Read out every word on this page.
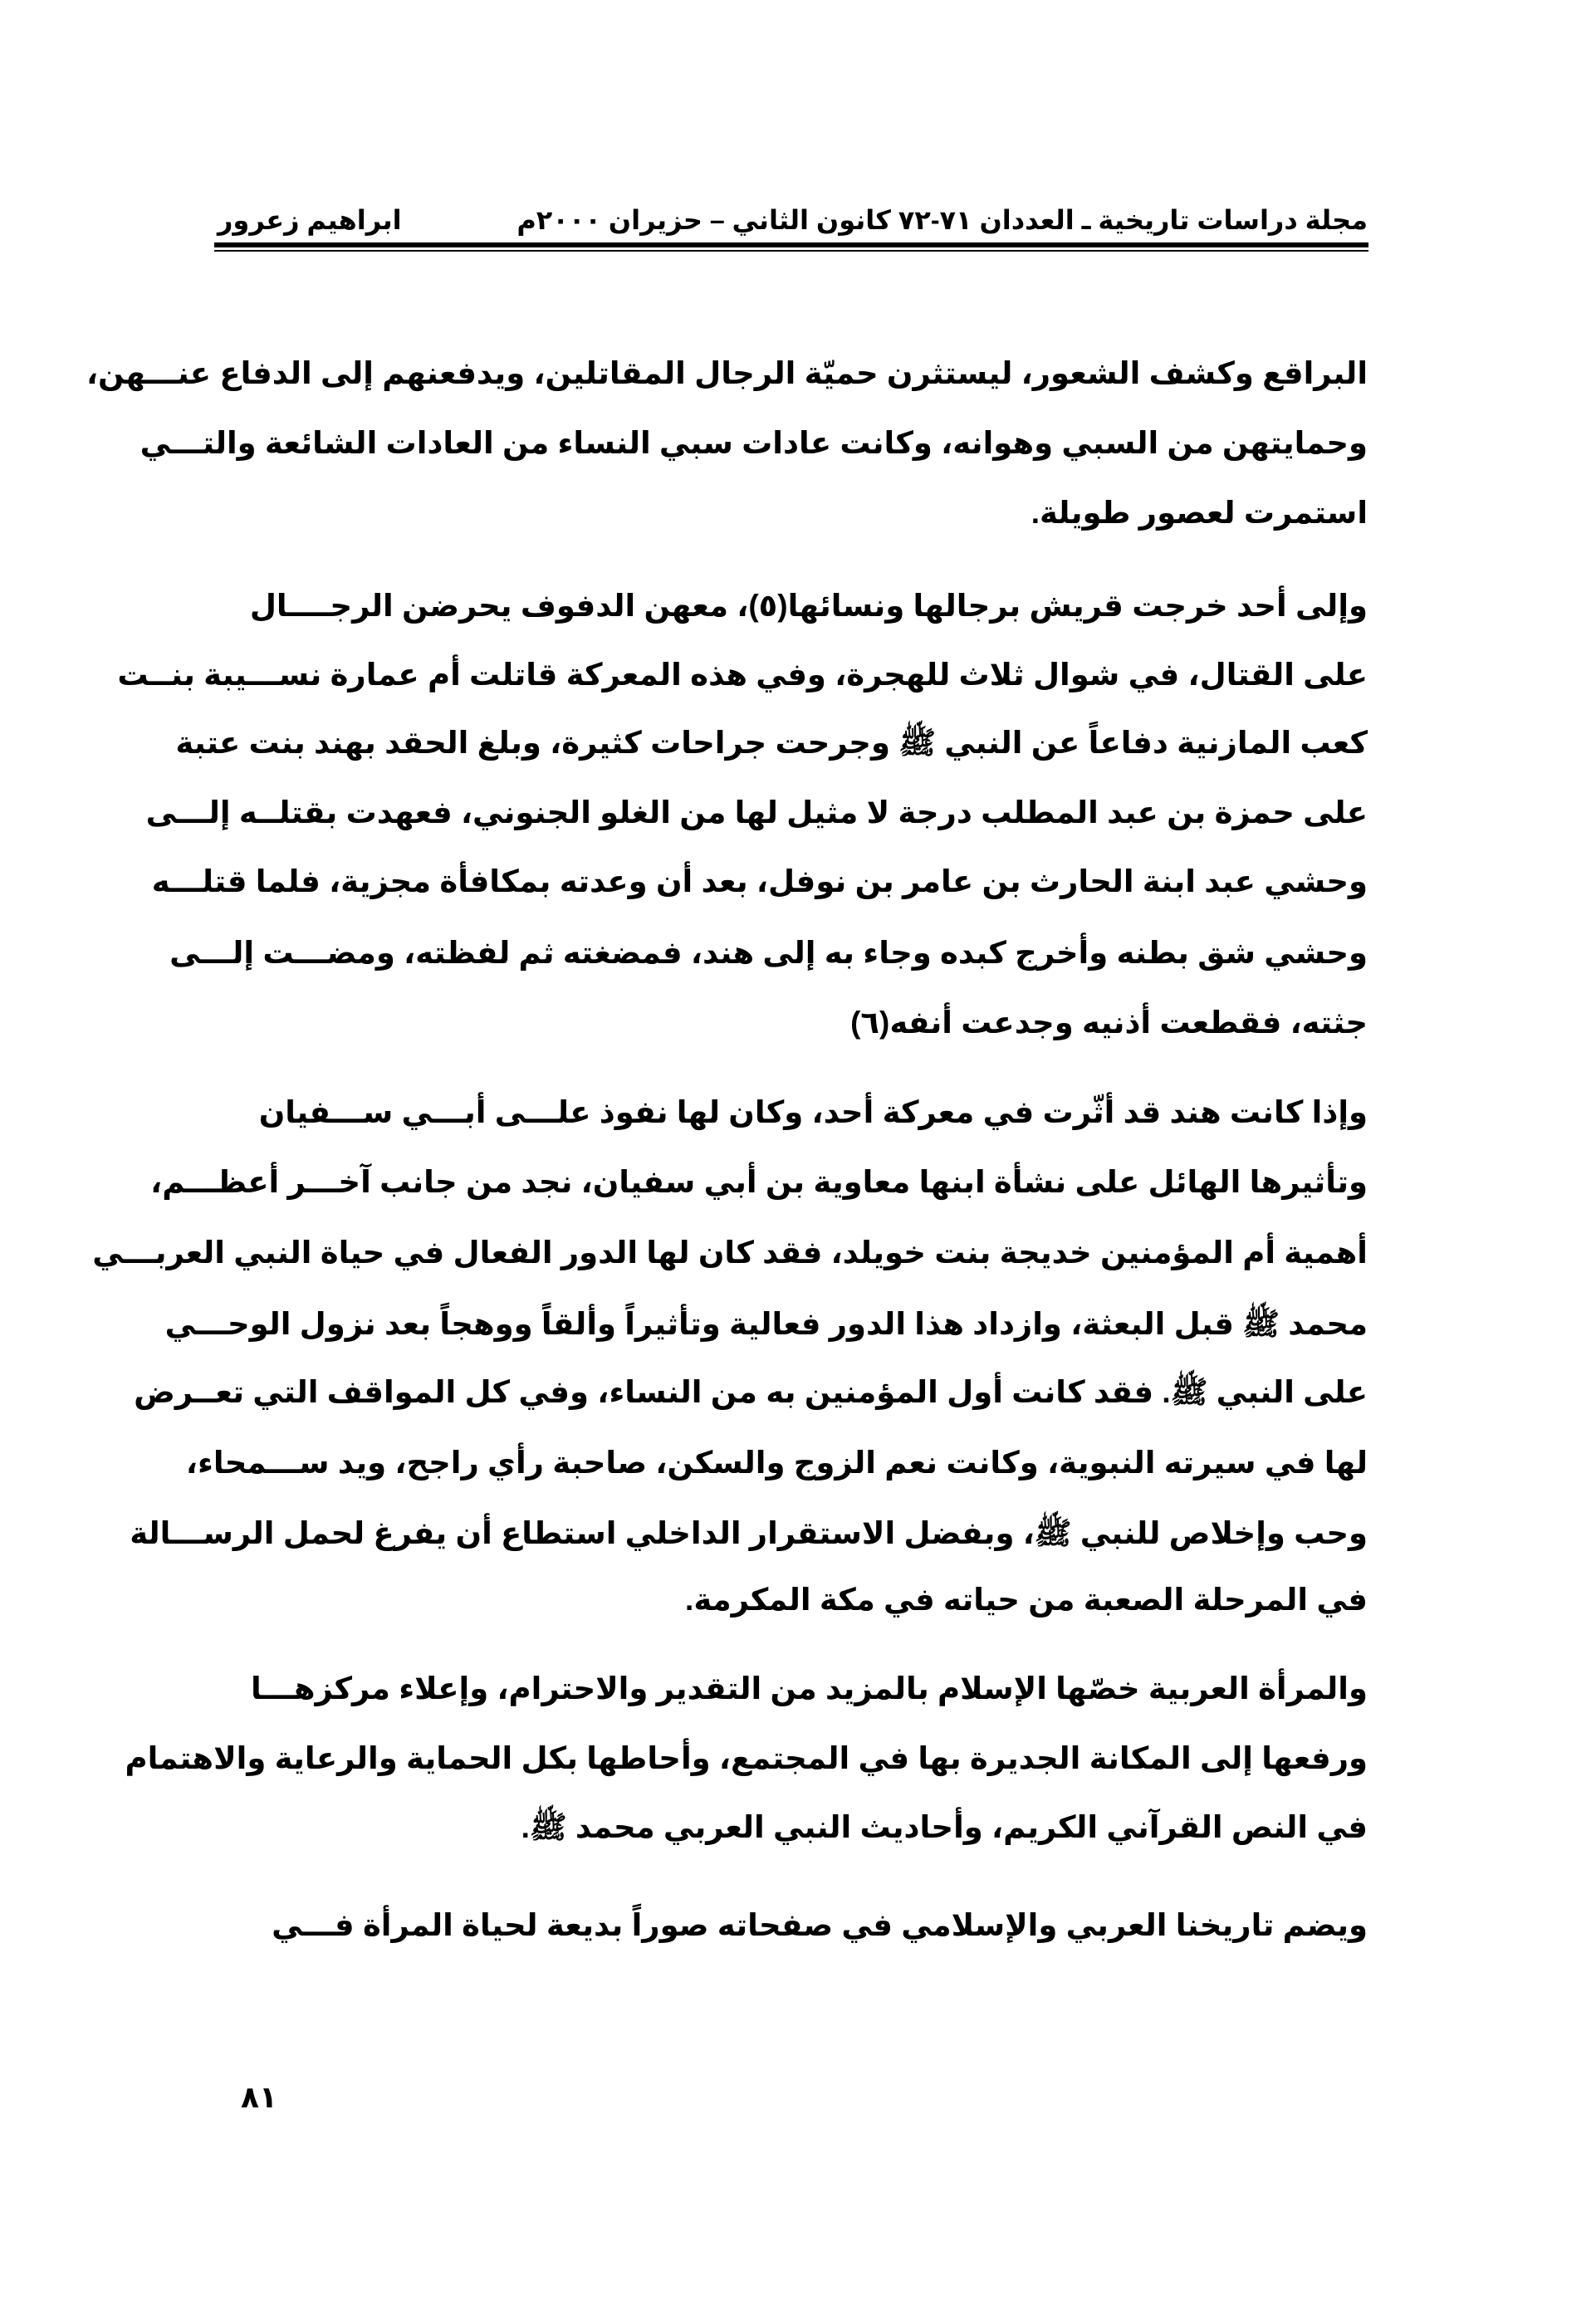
مجلة دراسات تاريخية ـ العددان ٧١-٧٢ كانون الثاني – حزيران ٢٠٠٠م
ابراهيم زعرور
البراقع وكشف الشعور، ليستثرن حميّة الرجال المقاتلين، ويدفعنهم إلى الدفاع عنـــهن،
وحمايتهن من السبي وهوانه، وكانت عادات سبي النساء من العادات الشائعة والتـــي
استمرت لعصور طويلة.
وإلى أحد خرجت قريش برجالها ونسائها(٥)، معهن الدفوف يحرضن الرجــــال
على القتال، في شوال ثلاث للهجرة، وفي هذه المعركة قاتلت أم عمارة نســـيبة بنــت
كعب المازنية دفاعاً عن النبي ﷺ وجرحت جراحات كثيرة، وبلغ الحقد بهند بنت عتبة
على حمزة بن عبد المطلب درجة لا مثيل لها من الغلو الجنوني، فعهدت بقتلــه إلـــى
وحشي عبد ابنة الحارث بن عامر بن نوفل، بعد أن وعدته بمكافأة مجزية، فلما قتلـــه
وحشي شق بطنه وأخرج كبده وجاء به إلى هند، فمضغته ثم لفظته، ومضـــت إلـــى
جثته، فقطعت أذنيه وجدعت أنفه(٦)
وإذا كانت هند قد أثّرت في معركة أحد، وكان لها نفوذ علـــى أبـــي ســـفيان
وتأثيرها الهائل على نشأة ابنها معاوية بن أبي سفيان، نجد من جانب آخـــر أعظـــم،
أهمية أم المؤمنين خديجة بنت خويلد، فقد كان لها الدور الفعال في حياة النبي العربـــي
محمد ﷺ قبل البعثة، وازداد هذا الدور فعالية وتأثيراً وألقاً ووهجاً بعد نزول الوحـــي
على النبي ﷺ. فقد كانت أول المؤمنين به من النساء، وفي كل المواقف التي تعــرض
لها في سيرته النبوية، وكانت نعم الزوج والسكن، صاحبة رأي راجح، ويد ســـمحاء،
وحب وإخلاص للنبي ﷺ، وبفضل الاستقرار الداخلي استطاع أن يفرغ لحمل الرســـالة
في المرحلة الصعبة من حياته في مكة المكرمة.
والمرأة العربية خصّها الإسلام بالمزيد من التقدير والاحترام، وإعلاء مركزهـــا
ورفعها إلى المكانة الجديرة بها في المجتمع، وأحاطها بكل الحماية والرعاية والاهتمام
في النص القرآني الكريم، وأحاديث النبي العربي محمد ﷺ.
ويضم تاريخنا العربي والإسلامي في صفحاته صوراً بديعة لحياة المرأة فـــي
٨١
